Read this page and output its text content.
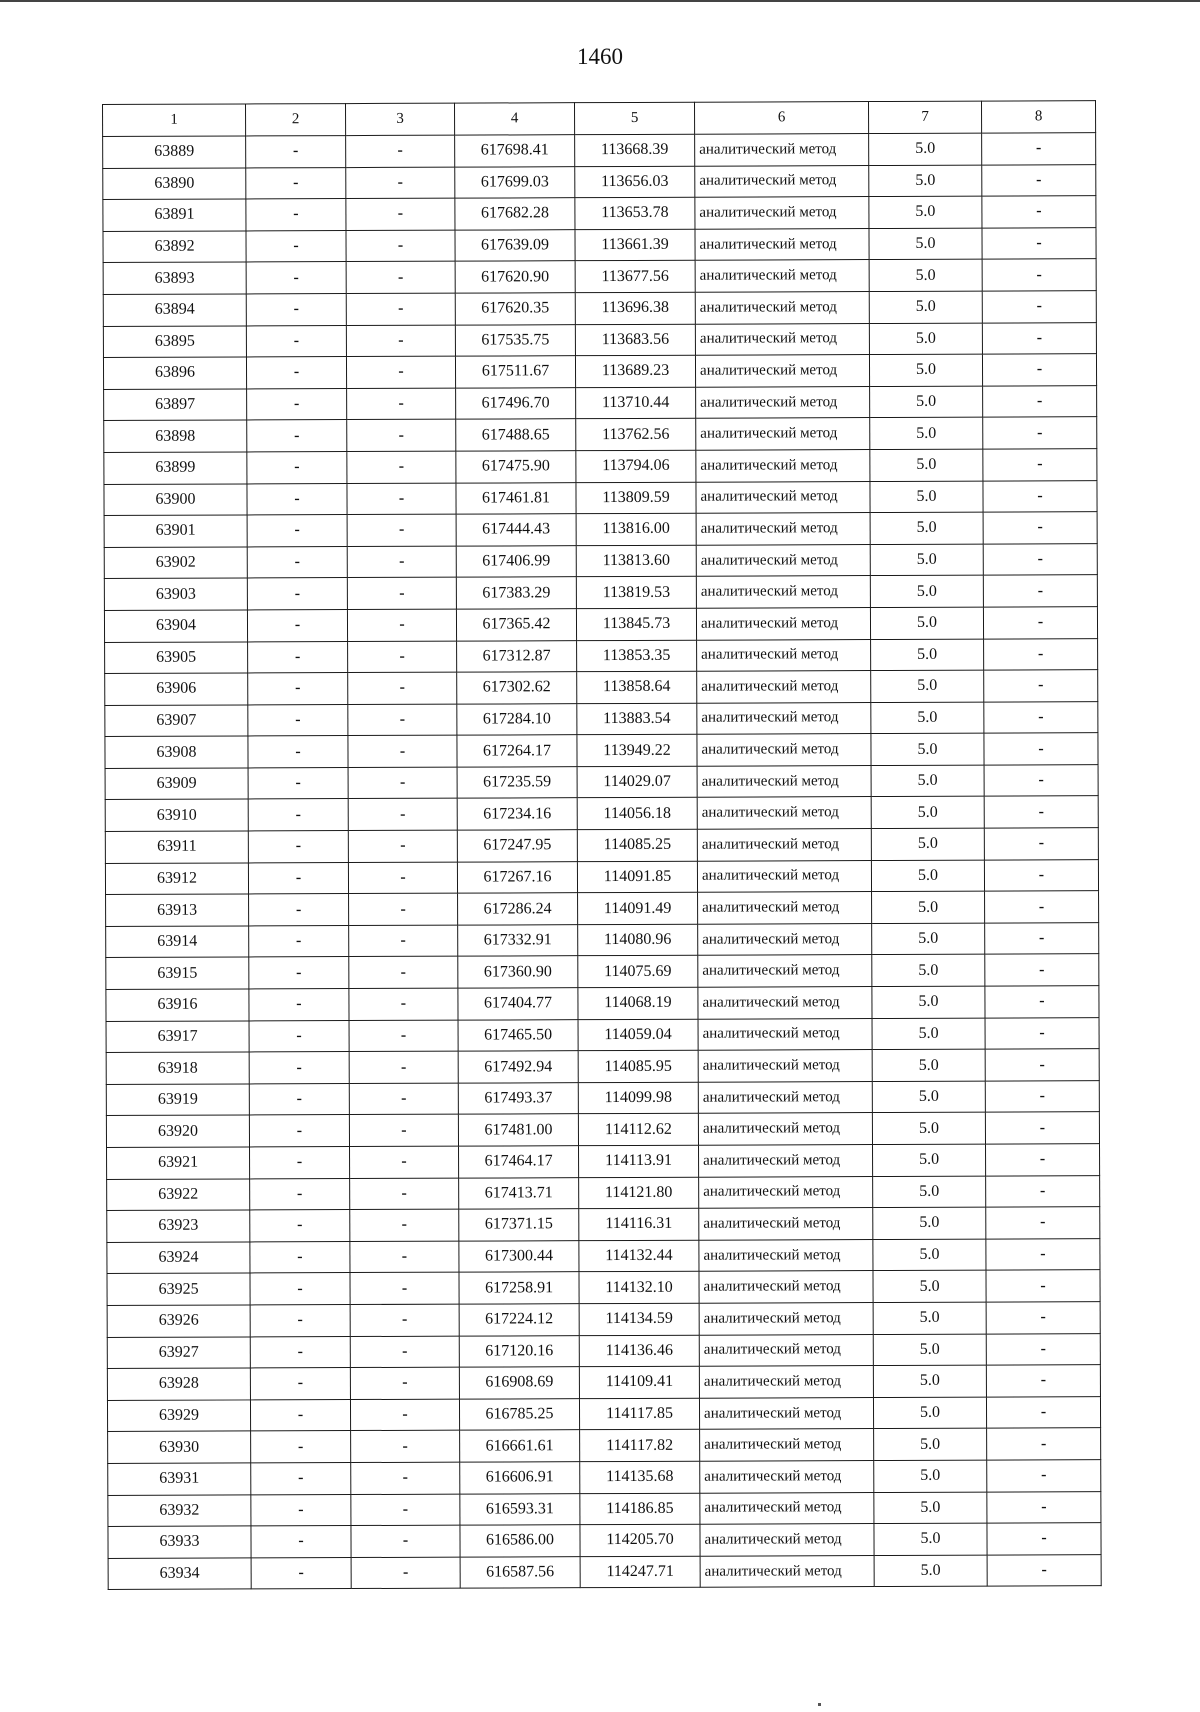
1460
1	2	3	4	5	6	7	8
63889	-	-	617698.41	113668.39	аналитический метод	5.0	-
63890	-	-	617699.03	113656.03	аналитический метод	5.0	-
63891	-	-	617682.28	113653.78	аналитический метод	5.0	-
63892	-	-	617639.09	113661.39	аналитический метод	5.0	-
63893	-	-	617620.90	113677.56	аналитический метод	5.0	-
63894	-	-	617620.35	113696.38	аналитический метод	5.0	-
63895	-	-	617535.75	113683.56	аналитический метод	5.0	-
63896	-	-	617511.67	113689.23	аналитический метод	5.0	-
63897	-	-	617496.70	113710.44	аналитический метод	5.0	-
63898	-	-	617488.65	113762.56	аналитический метод	5.0	-
63899	-	-	617475.90	113794.06	аналитический метод	5.0	-
63900	-	-	617461.81	113809.59	аналитический метод	5.0	-
63901	-	-	617444.43	113816.00	аналитический метод	5.0	-
63902	-	-	617406.99	113813.60	аналитический метод	5.0	-
63903	-	-	617383.29	113819.53	аналитический метод	5.0	-
63904	-	-	617365.42	113845.73	аналитический метод	5.0	-
63905	-	-	617312.87	113853.35	аналитический метод	5.0	-
63906	-	-	617302.62	113858.64	аналитический метод	5.0	-
63907	-	-	617284.10	113883.54	аналитический метод	5.0	-
63908	-	-	617264.17	113949.22	аналитический метод	5.0	-
63909	-	-	617235.59	114029.07	аналитический метод	5.0	-
63910	-	-	617234.16	114056.18	аналитический метод	5.0	-
63911	-	-	617247.95	114085.25	аналитический метод	5.0	-
63912	-	-	617267.16	114091.85	аналитический метод	5.0	-
63913	-	-	617286.24	114091.49	аналитический метод	5.0	-
63914	-	-	617332.91	114080.96	аналитический метод	5.0	-
63915	-	-	617360.90	114075.69	аналитический метод	5.0	-
63916	-	-	617404.77	114068.19	аналитический метод	5.0	-
63917	-	-	617465.50	114059.04	аналитический метод	5.0	-
63918	-	-	617492.94	114085.95	аналитический метод	5.0	-
63919	-	-	617493.37	114099.98	аналитический метод	5.0	-
63920	-	-	617481.00	114112.62	аналитический метод	5.0	-
63921	-	-	617464.17	114113.91	аналитический метод	5.0	-
63922	-	-	617413.71	114121.80	аналитический метод	5.0	-
63923	-	-	617371.15	114116.31	аналитический метод	5.0	-
63924	-	-	617300.44	114132.44	аналитический метод	5.0	-
63925	-	-	617258.91	114132.10	аналитический метод	5.0	-
63926	-	-	617224.12	114134.59	аналитический метод	5.0	-
63927	-	-	617120.16	114136.46	аналитический метод	5.0	-
63928	-	-	616908.69	114109.41	аналитический метод	5.0	-
63929	-	-	616785.25	114117.85	аналитический метод	5.0	-
63930	-	-	616661.61	114117.82	аналитический метод	5.0	-
63931	-	-	616606.91	114135.68	аналитический метод	5.0	-
63932	-	-	616593.31	114186.85	аналитический метод	5.0	-
63933	-	-	616586.00	114205.70	аналитический метод	5.0	-
63934	-	-	616587.56	114247.71	аналитический метод	5.0	-
